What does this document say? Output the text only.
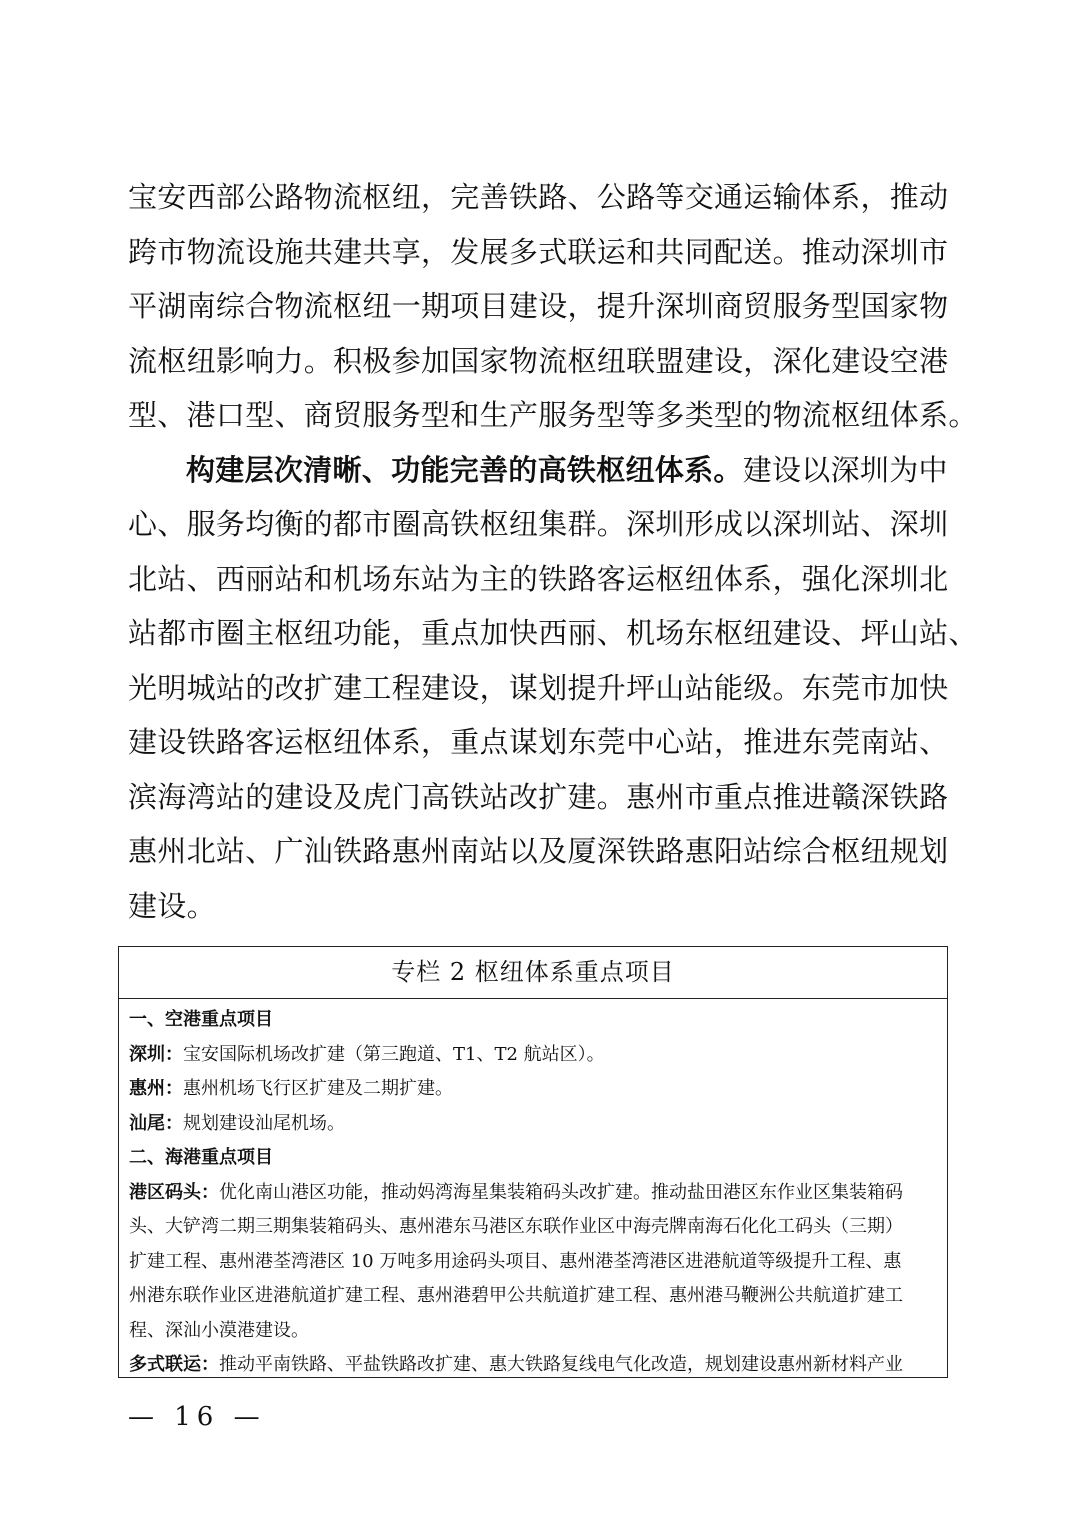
宝安西部公路物流枢纽，完善铁路、公路等交通运输体系，推动
跨市物流设施共建共享，发展多式联运和共同配送。推动深圳市
平湖南综合物流枢纽一期项目建设，提升深圳商贸服务型国家物
流枢纽影响力。积极参加国家物流枢纽联盟建设，深化建设空港
型、港口型、商贸服务型和生产服务型等多类型的物流枢纽体系。
构建层次清晰、功能完善的高铁枢纽体系。建设以深圳为中
心、服务均衡的都市圈高铁枢纽集群。深圳形成以深圳站、深圳
北站、西丽站和机场东站为主的铁路客运枢纽体系，强化深圳北
站都市圈主枢纽功能，重点加快西丽、机场东枢纽建设、坪山站、
光明城站的改扩建工程建设，谋划提升坪山站能级。东莞市加快
建设铁路客运枢纽体系，重点谋划东莞中心站，推进东莞南站、
滨海湾站的建设及虎门高铁站改扩建。惠州市重点推进赣深铁路
惠州北站、广汕铁路惠州南站以及厦深铁路惠阳站综合枢纽规划
建设。
专栏 2 枢纽体系重点项目
一、空港重点项目
深圳：宝安国际机场改扩建（第三跑道、T1、T2 航站区）。
惠州：惠州机场飞行区扩建及二期扩建。
汕尾：规划建设汕尾机场。
二、海港重点项目
港区码头：优化南山港区功能，推动妈湾海星集装箱码头改扩建。推动盐田港区东作业区集装箱码
头、大铲湾二期三期集装箱码头、惠州港东马港区东联作业区中海壳牌南海石化化工码头（三期）
扩建工程、惠州港荃湾港区 10 万吨多用途码头项目、惠州港荃湾港区进港航道等级提升工程、惠
州港东联作业区进港航道扩建工程、惠州港碧甲公共航道扩建工程、惠州港马鞭洲公共航道扩建工
程、深汕小漠港建设。
多式联运：推动平南铁路、平盐铁路改扩建、惠大铁路复线电气化改造，规划建设惠州新材料产业
— 16 —
